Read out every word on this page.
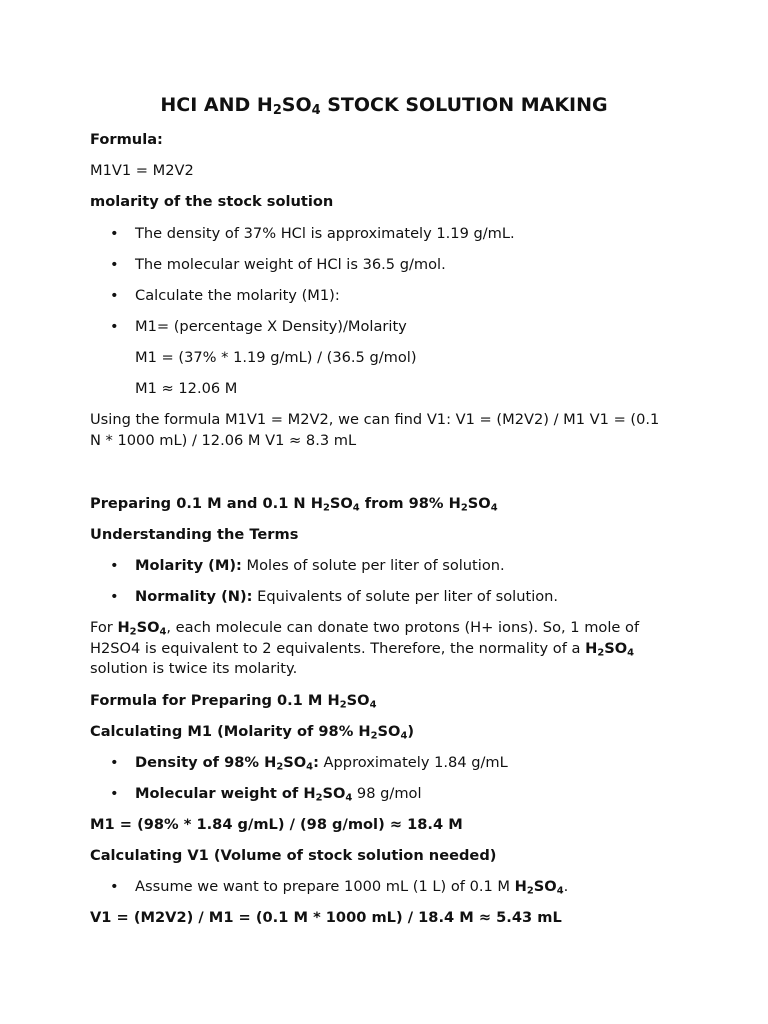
HCI AND $H_2SO_4$ STOCK SOLUTION MAKING
Formula:
M1V1 = M2V2
molarity of the stock solution
• The density of 37% HCl is approximately 1.19 g/mL.
• The molecular weight of HCl is 36.5 g/mol.
• Calculate the molarity (M1):
• M1= (percentage X Density)/Molarity
M1 = (37% * 1.19 g/mL) / (36.5 g/mol)
M1 ≈ 12.06 M
Using the formula M1V1 = M2V2, we can find V1: V1 = (M2V2) / M1 V1 = (0.1 N * 1000 mL) / 12.06 M V1 ≈ 8.3 mL
Preparing 0.1 M and 0.1 N $H_2SO_4$ from 98% $H_2SO_4$
Understanding the Terms
• Molarity (M): Moles of solute per liter of solution.
• Normality (N): Equivalents of solute per liter of solution.
For $H_2SO_4$, each molecule can donate two protons (H+ ions). So, 1 mole of H2SO4 is equivalent to 2 equivalents. Therefore, the normality of a $H_2SO_4$ solution is twice its molarity.
Formula for Preparing 0.1 M $H_2SO_4$
Calculating M1 (Molarity of 98% $H_2SO_4$)
• Density of 98% $H_2SO_4$: Approximately 1.84 g/mL
• Molecular weight of $H_2SO_4$ 98 g/mol
M1 = (98% * 1.84 g/mL) / (98 g/mol) ≈ 18.4 M
Calculating V1 (Volume of stock solution needed)
• Assume we want to prepare 1000 mL (1 L) of 0.1 M $H_2SO_4$.
V1 = (M2V2) / M1 = (0.1 M * 1000 mL) / 18.4 M ≈ 5.43 mL
